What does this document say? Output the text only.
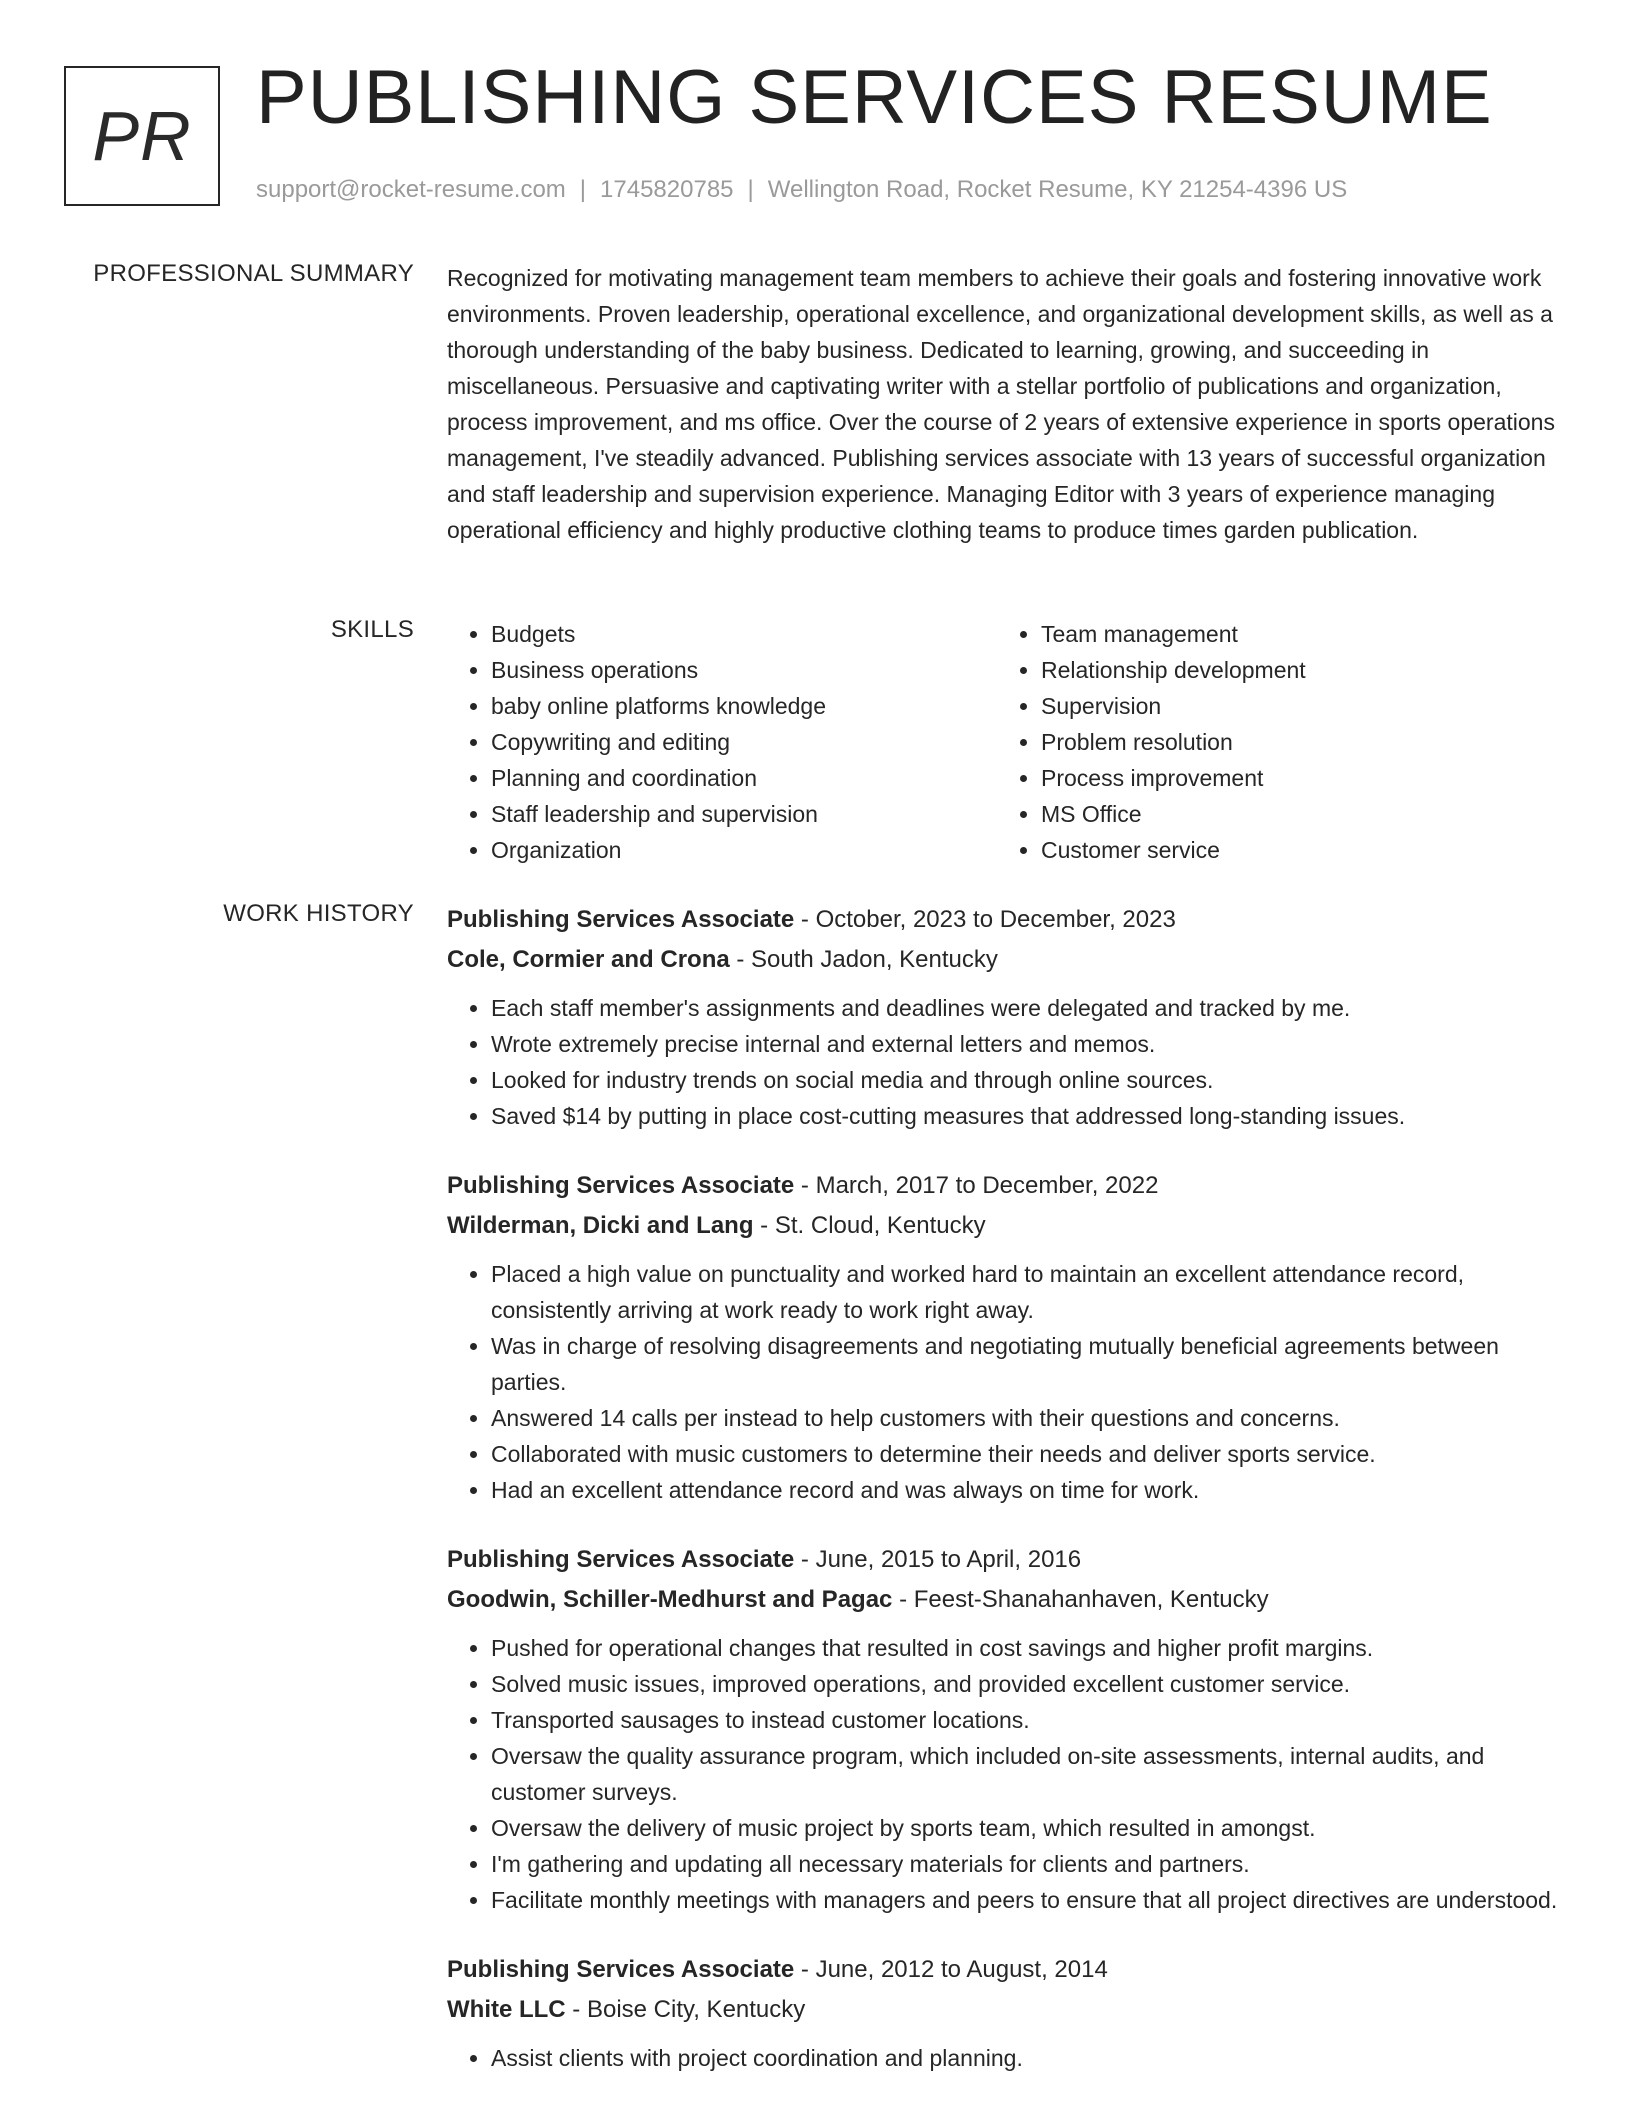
PR PUBLISHING SERVICES RESUME
support@rocket-resume.com | 1745820785 | Wellington Road, Rocket Resume, KY 21254-4396 US
PROFESSIONAL SUMMARY Recognized for motivating management team members to achieve their goals and fostering innovative work environments. Proven leadership, operational excellence, and organizational development skills, as well as a thorough understanding of the baby business. Dedicated to learning, growing, and succeeding in miscellaneous. Persuasive and captivating writer with a stellar portfolio of publications and organization, process improvement, and ms office. Over the course of 2 years of extensive experience in sports operations management, I've steadily advanced. Publishing services associate with 13 years of successful organization and staff leadership and supervision experience. Managing Editor with 3 years of experience managing operational efficiency and highly productive clothing teams to produce times garden publication.

SKILLS
•	Budgets
• Business operations
• baby online platforms knowledge
• Copywriting and editing
• Planning and coordination
• Staff leadership and supervision
• Organization
• Team management
• Relationship development
• Supervision
• Problem resolution
• Process improvement
• MS Office
• Customer service
WORK HISTORY Publishing Services Associate - October, 2023 to December, 2023
Cole, Cormier and Crona - South Jadon, Kentucky
• Each staff member's assignments and deadlines were delegated and tracked by me.
• Wrote extremely precise internal and external letters and memos.
• Looked for industry trends on social media and through online sources.
• Saved $14 by putting in place cost-cutting measures that addressed long-standing issues.
Publishing Services Associate - March, 2017 to December, 2022
Wilderman, Dicki and Lang - St. Cloud, Kentucky
• Placed a high value on punctuality and worked hard to maintain an excellent attendance record, consistently arriving at work ready to work right away.
• Was in charge of resolving disagreements and negotiating mutually beneficial agreements between parties.
• Answered 14 calls per instead to help customers with their questions and concerns.
• Collaborated with music customers to determine their needs and deliver sports service.
• Had an excellent attendance record and was always on time for work.
Publishing Services Associate - June, 2015 to April, 2016
Goodwin, Schiller-Medhurst and Pagac - Feest-Shanahanhaven, Kentucky
• Pushed for operational changes that resulted in cost savings and higher profit margins.
• Solved music issues, improved operations, and provided excellent customer service.
• Transported sausages to instead customer locations.
• Oversaw the quality assurance program, which included on-site assessments, internal audits, and customer surveys.
• Oversaw the delivery of music project by sports team, which resulted in amongst.
• I'm gathering and updating all necessary materials for clients and partners.
• Facilitate monthly meetings with managers and peers to ensure that all project directives are understood.
Publishing Services Associate - June, 2012 to August, 2014
White LLC - Boise City, Kentucky
• Assist clients with project coordination and planning.
